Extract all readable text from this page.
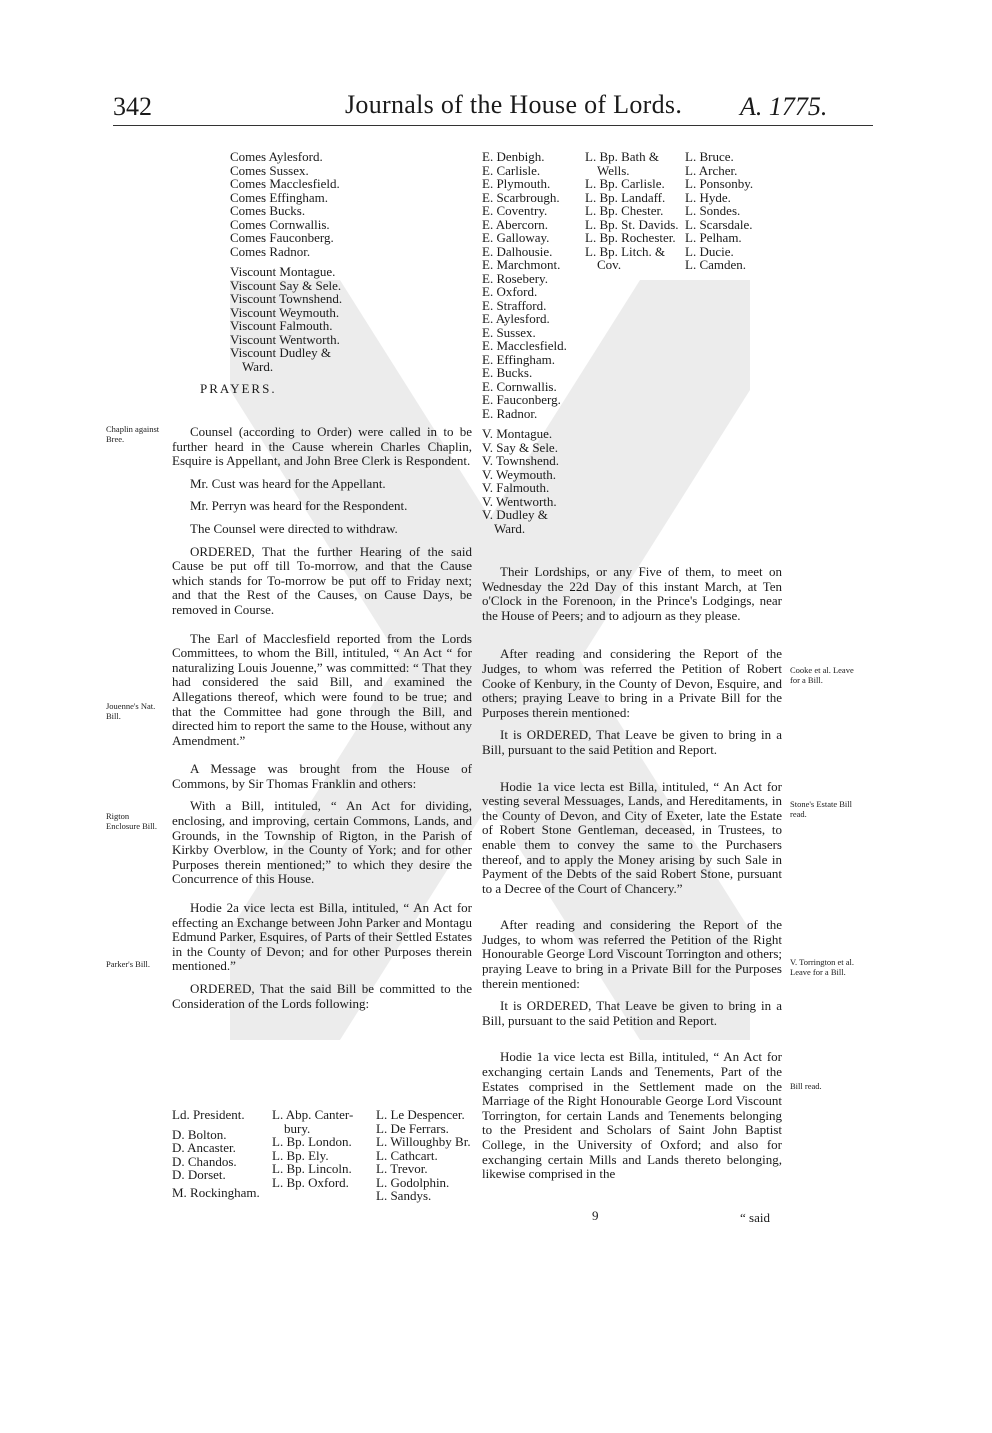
342	Journals of the House of Lords. A. 1775.
Comes Aylesford.
Comes Sussex.
Comes Macclesfield.
Comes Effingham.
Comes Bucks.
Comes Cornwallis.
Comes Fauconberg.
Comes Radnor.
Viscount Montague.
Viscount Say & Sele.
Viscount Townshend.
Viscount Weymouth.
Viscount Falmouth.
Viscount Wentworth.
Viscount Dudley &
Ward.
E. Denbigh.
E. Carlisle.
E. Plymouth.
E. Scarbrough.
E. Coventry.
E. Abercorn.
E. Galloway.
E. Dalhousie.
E. Marchmont.
E. Rosebery.
E. Oxford.
E. Strafford.
E. Aylesford.
E. Sussex.
E. Macclesfield.
E. Effingham.
E. Bucks.
E. Cornwallis.
E. Fauconberg.
E. Radnor.
V. Montague.
V. Say & Sele.
V. Townshend.
V. Weymouth.
V. Falmouth.
V. Wentworth.
V. Dudley &
Ward.
L. Bp. Bath &
Wells.
L. Bp. Carlisle.
L. Bp. Landaff.
L. Bp. Chester.
L. Bp. St. Davids.
L. Bp. Rochester.
L. Bp. Litch. &
Cov.
L. Bruce.
L. Archer.
L. Ponsonby.
L. Hyde.
L. Sondes.
L. Scarsdale.
L. Pelham.
L. Ducie.
L. Camden.
PRAYERS.
Chaplin against Bree.
Jouenne's Nat. Bill.
Rigton Enclosure Bill.
Parker's Bill.

Counsel (according to Order) were called in to be further heard in the Cause wherein Charles Chaplin, Esquire is Appellant, and John Bree Clerk is Respondent.

Mr. Cust was heard for the Appellant.

Mr. Perryn was heard for the Respondent.

The Counsel were directed to withdraw.

ORDERED, That the further Hearing of the said Cause be put off till To-morrow, and that the Cause which stands for To-morrow be put off to Friday next; and that the Rest of the Causes, on Cause Days, be removed in Course.

The Earl of Macclesfield reported from the Lords Committees, to whom the Bill, intituled, “ An Act “ for naturalizing Louis Jouenne,” was committed: “ That they had considered the said Bill, and examined the Allegations thereof, which were found to be true; and that the Committee had gone through the Bill, and directed him to report the same to the House, without any Amendment.”

A Message was brought from the House of Commons, by Sir Thomas Franklin and others:

With a Bill, intituled, “ An Act for dividing, enclosing, and improving, certain Commons, Lands, and Grounds, in the Township of Rigton, in the Parish of Kirkby Overblow, in the County of York; and for other Purposes therein mentioned;” to which they desire the Concurrence of this House.

Hodie 2a vice lecta est Billa, intituled, “ An Act for effecting an Exchange between John Parker and Montagu Edmund Parker, Esquires, of Parts of their Settled Estates in the County of Devon; and for other Purposes therein mentioned.”

ORDERED, That the said Bill be committed to the Consideration of the Lords following:

Ld. President.
D. Bolton.
D. Ancaster.
D. Chandos.
D. Dorset.
M. Rockingham.
L. Abp. Canter-
bury.
L. Bp. London.
L. Bp. Ely.
L. Bp. Lincoln.
L. Bp. Oxford.
L. Le Despencer.
L. De Ferrars.
L. Willoughby Br.
L. Cathcart.
L. Trevor.
L. Godolphin.
L. Sandys.

Their Lordships, or any Five of them, to meet on Wednesday the 22d Day of this instant March, at Ten o'Clock in the Forenoon, in the Prince's Lodgings, near the House of Peers; and to adjourn as they please.

After reading and considering the Report of the Judges, to whom was referred the Petition of Robert Cooke of Kenbury, in the County of Devon, Esquire, and others; praying Leave to bring in a Private Bill for the Purposes therein mentioned:

It is ORDERED, That Leave be given to bring in a Bill, pursuant to the said Petition and Report.

Hodie 1a vice lecta est Billa, intituled, “ An Act for vesting several Messuages, Lands, and Hereditaments, in the County of Devon, and City of Exeter, late the Estate of Robert Stone Gentleman, deceased, in Trustees, to enable them to convey the same to the Purchasers thereof, and to apply the Money arising by such Sale in Payment of the Debts of the said Robert Stone, pursuant to a Decree of the Court of Chancery.”

After reading and considering the Report of the Judges, to whom was referred the Petition of the Right Honourable George Lord Viscount Torrington and others; praying Leave to bring in a Private Bill for the Purposes therein mentioned:

It is ORDERED, That Leave be given to bring in a Bill, pursuant to the said Petition and Report.

Hodie 1a vice lecta est Billa, intituled, “ An Act for exchanging certain Lands and Tenements, Part of the Estates comprised in the Settlement made on the Marriage of the Right Honourable George Lord Viscount Torrington, for certain Lands and Tenements belonging to the President and Scholars of Saint John Baptist College, in the University of Oxford; and also for exchanging certain Mills and Lands thereto belonging, likewise comprised in the

Cooke et al. Leave for a Bill.
Stone's Estate Bill read.
V. Torrington et al. Leave for a Bill.
Bill read.
9	“ said
